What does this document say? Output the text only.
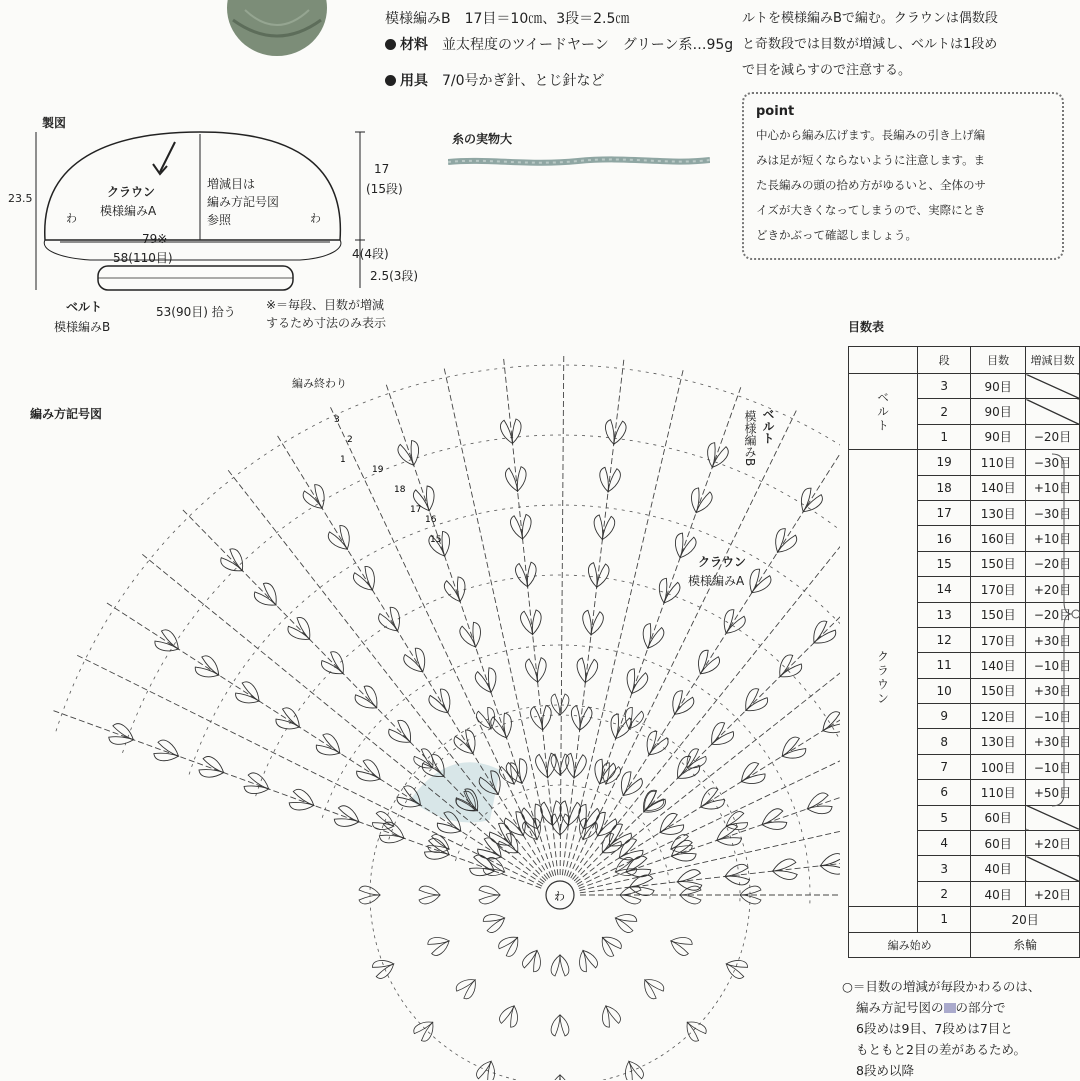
模様編みB　17目＝10㎝、3段＝2.5㎝
材料　 並太程度のツイードヤーン　グリーン系…95g
用具　 7/0号かぎ針、とじ針など
糸の実物大
ルトを模様編みBで編む。クラウンは偶数段
と奇数段では目数が増減し、ベルトは1段め
で目を減らすので注意する。
point
中心から編み広げます。長編みの引き上げ編
みは足が短くならないように注意します。ま
た長編みの頭の拾め方がゆるいと、全体のサ
イズが大きくなってしまうので、実際にとき
どきかぶって確認しましょう。
製図
23.5	クラウン
模様編みA
増減目は
編み方記号図
参照
わ	わ
17
(15段)
79※
58(110目)	4(4段)
2.5(3段)
ベルト
模様編みB
53(90目) 拾う	※＝毎段、目数が増減
するため寸法のみ表示
編み方記号図
編み終わり
ベルト
模様編みB
クラウン
模様編みA
わ
3
2
1
19
18
17
16
15
目数表
	段	目数	増減目数
ベルト	3	90目	
	2	90目	
	1	90目	−20目
クラウン	19	110目	−30目
	18	140目	+10目
	17	130目	−30目
	16	160目	+10目
	15	150目	−20目
	14	170目	+20目
	13	150目	−20目
	12	170目	+30目
	11	140目	−10目
	10	150目	+30目
	9	120目	−10目
	8	130目	+30目
	7	100目	−10目
	6	110目	+50目
	5	60目	
	4	60目	+20目
	3	40目	
	2	40目	+20目
	1	20目	
編み始め		糸輪	
○＝目数の増減が毎段かわるのは、
編み方記号図の の部分で
6段めは9目、7段めは7目と
もともと2目の差があるため。
8段め以降
